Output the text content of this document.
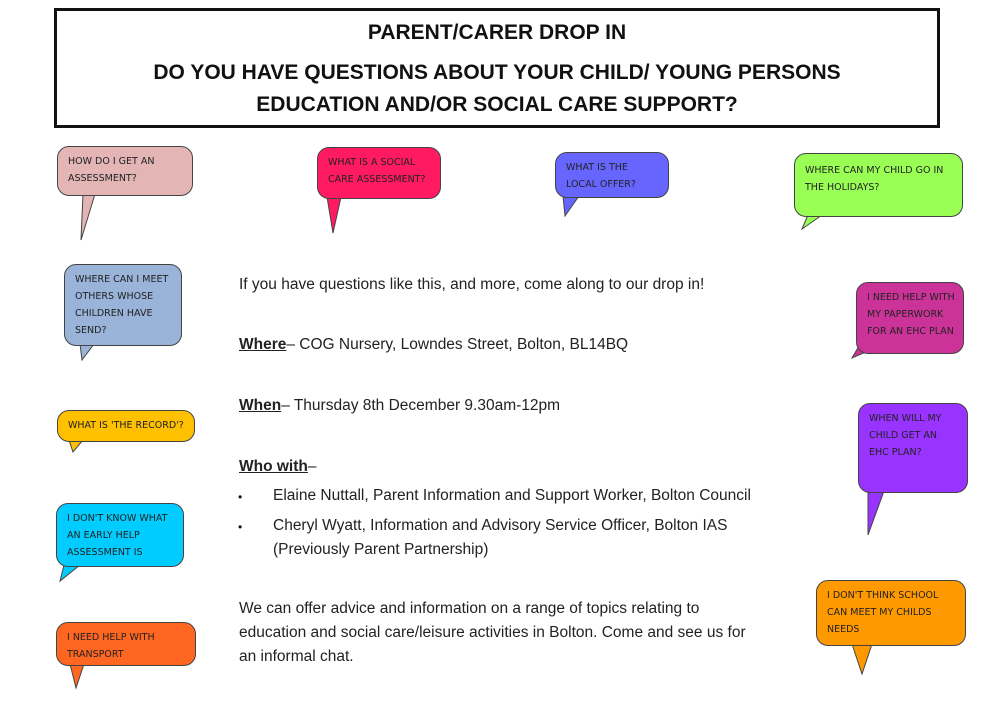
PARENT/CARER DROP IN
DO YOU HAVE QUESTIONS ABOUT YOUR CHILD/ YOUNG PERSONS
EDUCATION AND/OR SOCIAL CARE SUPPORT?
HOW DO I GET AN ASSESSMENT?
WHAT IS A SOCIAL CARE ASSESSMENT?
WHAT IS THE LOCAL OFFER?
WHERE CAN MY CHILD GO IN THE HOLIDAYS?
WHERE CAN I MEET OTHERS WHOSE CHILDREN HAVE SEND?
I NEED HELP WITH MY PAPERWORK FOR AN EHC PLAN
WHAT IS 'THE RECORD'?
WHEN WILL MY CHILD GET AN EHC PLAN?
I DON'T KNOW WHAT AN EARLY HELP ASSESSMENT IS
I DON'T THINK SCHOOL CAN MEET MY CHILDS NEEDS
I NEED HELP WITH TRANSPORT
If you have questions like this, and more, come along to our drop in!
Where– COG Nursery, Lowndes Street, Bolton, BL14BQ
When– Thursday 8th December 9.30am-12pm
Who with–
• Elaine Nuttall, Parent Information and Support Worker, Bolton Council
• Cheryl Wyatt, Information and Advisory Service Officer, Bolton IAS
(Previously Parent Partnership)
We can offer advice and information on a range of topics relating to
education and social care/leisure activities in Bolton. Come and see us for
an informal chat.
